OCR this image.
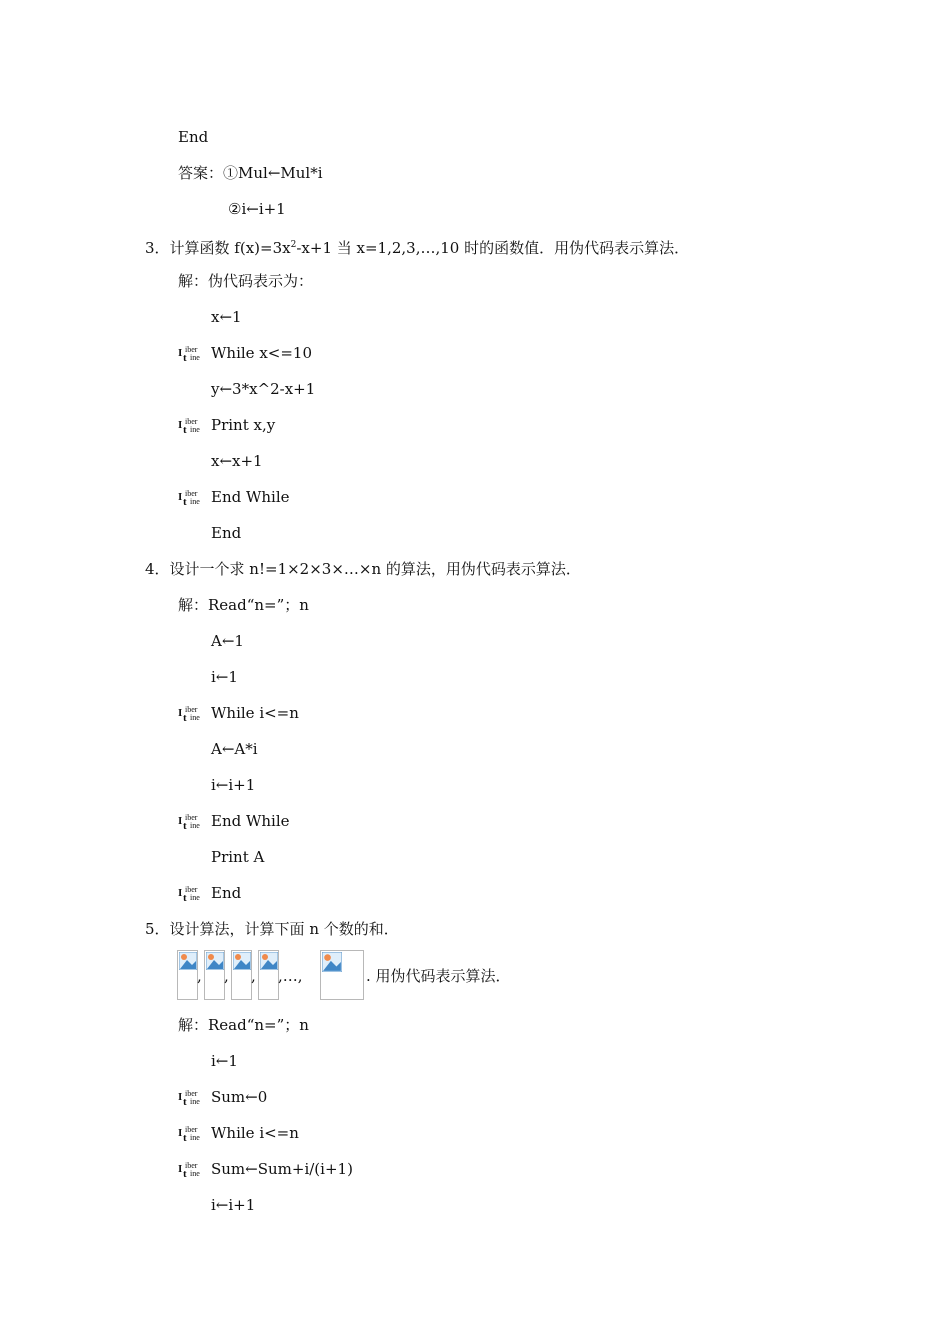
End
答案：①Mul←Mul*i
②i←i+1
3．计算函数 $f(x)=3x^2-x+1$ 当 x=1,2,3,…,10 时的函数值．用伪代码表示算法．
解：伪代码表示为：
x←1
I iber
t ine While x<=10
y←3*x^2-x+1
I iber
t ine Print x,y
x←x+1
I iber
t ine End While
End
4．设计一个求 n!=1×2×3×…×n 的算法，用伪代码表示算法．
解：Read“n=”；n
A←1
i←1
I iber
t ine While i<=n
A←A*i
i←i+1
I iber
t ine End While
Print A
I iber
t ine End
5．设计算法，计算下面 n 个数的和．
, , , ,…,	. 用伪代码表示算法．
解：Read“n=”；n
i←1
I iber
t ine Sum←0
I iber
t ine While i<=n
I iber
t ine Sum←Sum+i/(i+1)
i←i+1
